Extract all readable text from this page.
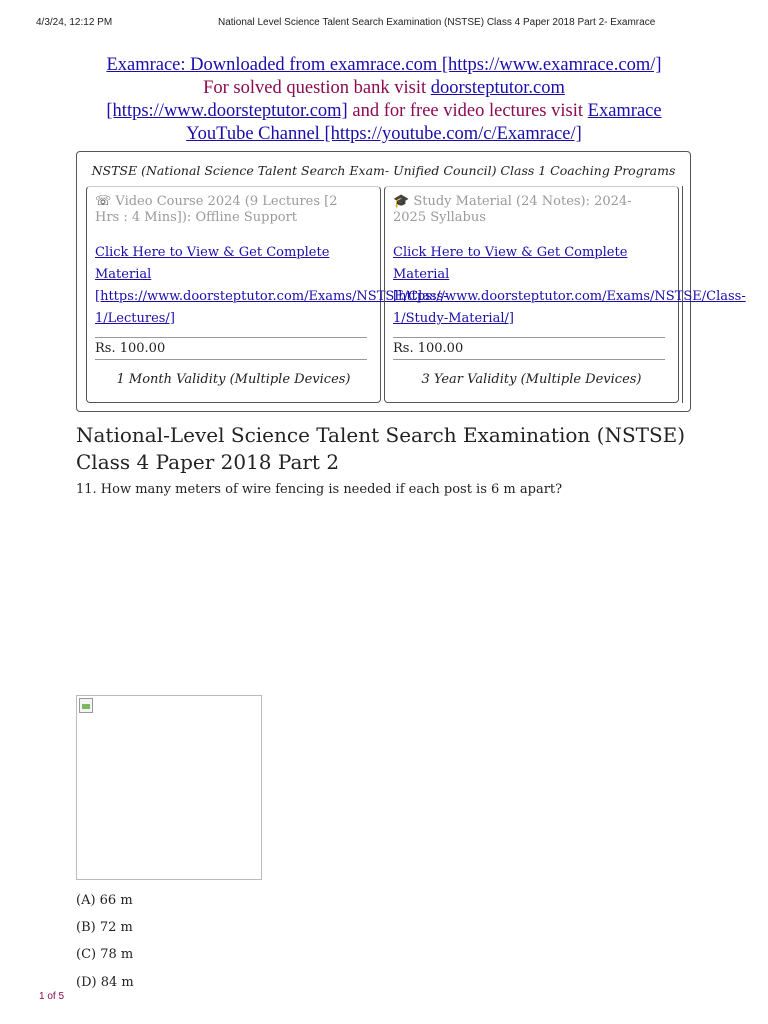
4/3/24, 12:12 PM	National Level Science Talent Search Examination (NSTSE) Class 4 Paper 2018 Part 2- Examrace
Examrace: Downloaded from examrace.com [https://www.examrace.com/]
For solved question bank visit doorsteptutor.com
[https://www.doorsteptutor.com] and for free video lectures visit Examrace
YouTube Channel [https://youtube.com/c/Examrace/]
NSTSE (National Science Talent Search Exam- Unified Council) Class 1 Coaching Programs
☏ Video Course 2024 (9 Lectures [2 Hrs : 4 Mins]): Offline Support
Click Here to View & Get Complete Material [https://www.doorsteptutor.com/Exams/NSTSE/Class-1/Lectures/]
Rs. 100.00
1 Month Validity (Multiple Devices)
🎓 Study Material (24 Notes): 2024-2025 Syllabus
Click Here to View & Get Complete Material [https://www.doorsteptutor.com/Exams/NSTSE/Class-1/Study-Material/]
Rs. 100.00
3 Year Validity (Multiple Devices)
National-Level Science Talent Search Examination (NSTSE) Class 4 Paper 2018 Part 2
11. How many meters of wire fencing is needed if each post is 6 m apart?
(A) 66 m
(B) 72 m
(C) 78 m
(D) 84 m
1 of 5
